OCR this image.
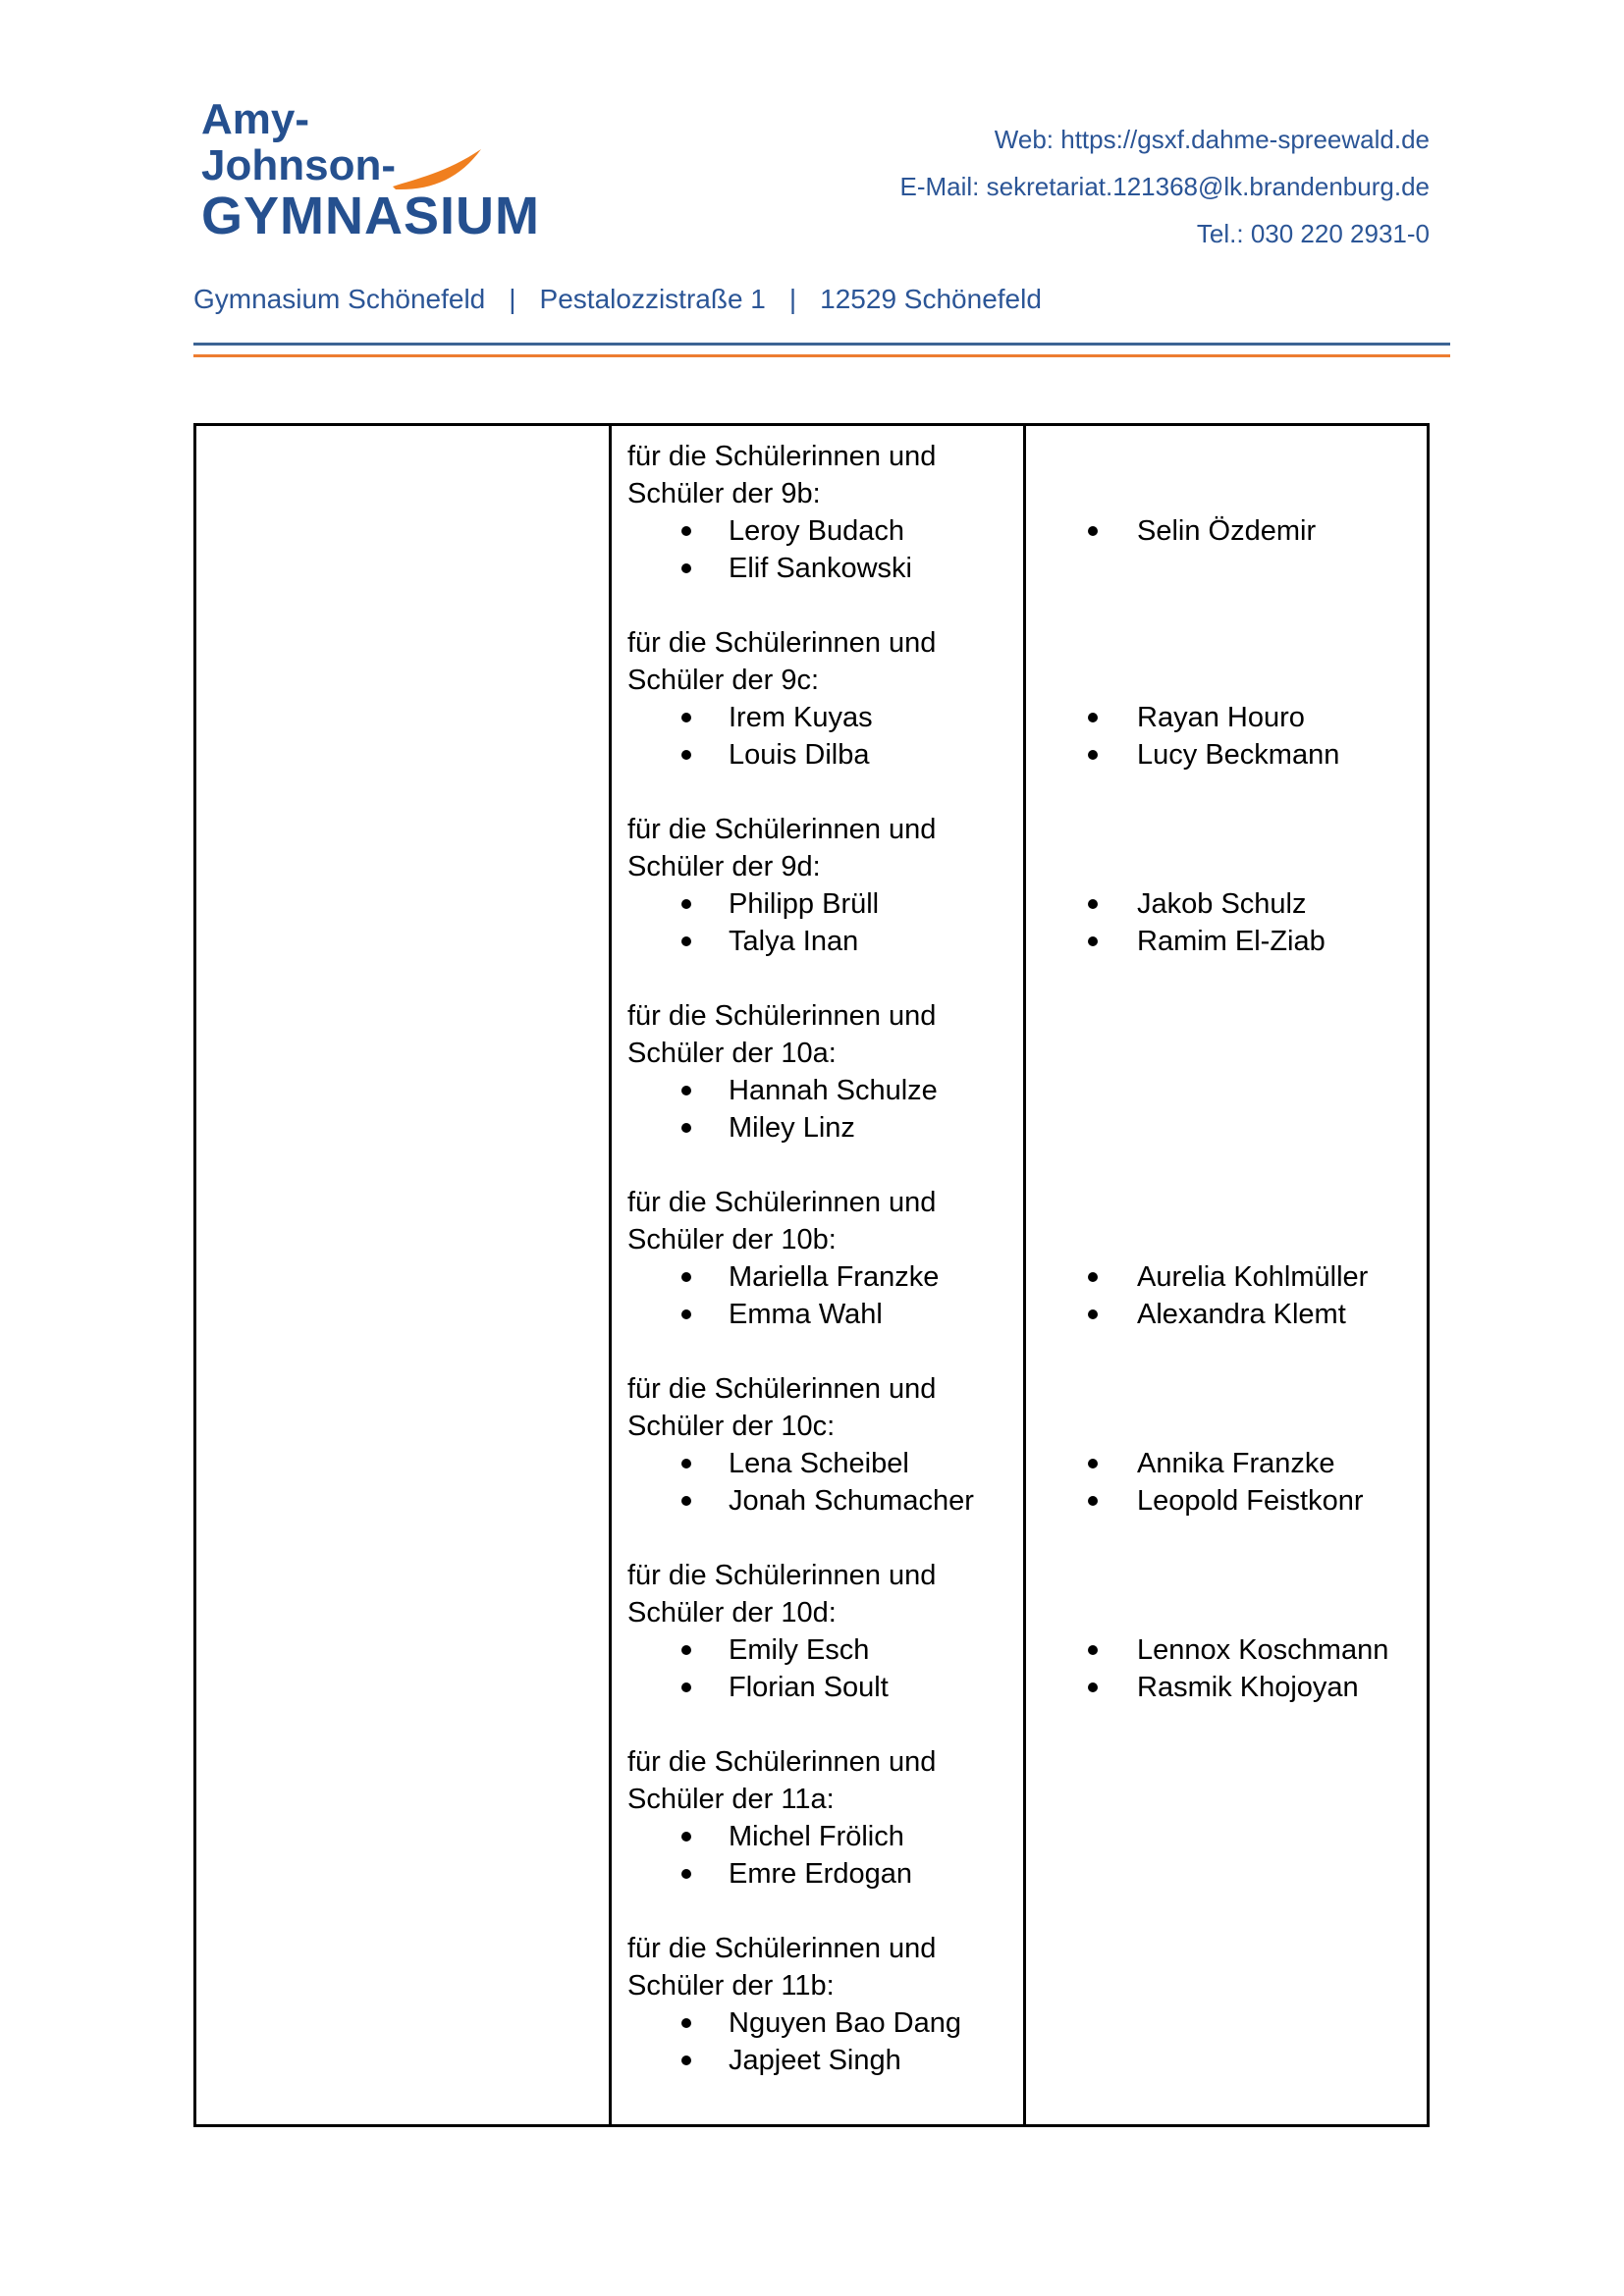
Amy-
Johnson-
GYMNASIUM
Web: https://gsxf.dahme-spreewald.de
E-Mail: sekretariat.121368@lk.brandenburg.de
Tel.: 030 220 2931-0
Gymnasium Schönefeld | Pestalozzistraße 1 | 12529 Schönefeld
für die Schülerinnen und
Schüler der 9b:
Leroy Budach
Elif Sankowski
für die Schülerinnen und
Schüler der 9c:
Irem Kuyas
Louis Dilba
für die Schülerinnen und
Schüler der 9d:
Philipp Brüll
Talya Inan
für die Schülerinnen und
Schüler der 10a:
Hannah Schulze
Miley Linz
für die Schülerinnen und
Schüler der 10b:
Mariella Franzke
Emma Wahl
für die Schülerinnen und
Schüler der 10c:
Lena Scheibel
Jonah Schumacher
für die Schülerinnen und
Schüler der 10d:
Emily Esch
Florian Soult
für die Schülerinnen und
Schüler der 11a:
Michel Frölich
Emre Erdogan
für die Schülerinnen und
Schüler der 11b:
Nguyen Bao Dang
Japjeet Singh
Selin Özdemir
Rayan Houro
Lucy Beckmann
Jakob Schulz
Ramim El-Ziab
Aurelia Kohlmüller
Alexandra Klemt
Annika Franzke
Leopold Feistkonr
Lennox Koschmann
Rasmik Khojoyan
